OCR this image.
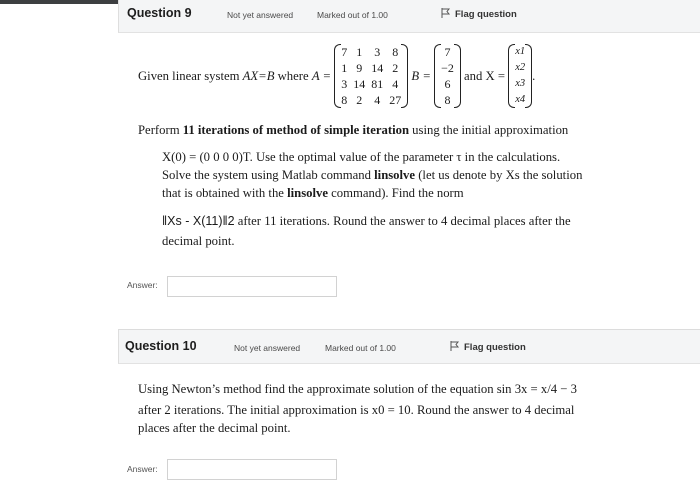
Question 9	Not yet answered	Marked out of 1.00	Flag question
Given linear system AX=B where A =
7	1	3	8
1	9	14	2
3	14	81	4
8	2	4	27
B =
7
−2
6
8
and X =
x1
x2
x3
x4
.
Perform 11 iterations of method of simple iteration using the initial approximation
X(0) = (0 0 0 0)T. Use the optimal value of the parameter τ in the calculations.
Solve the system using Matlab command linsolve (let us denote by Xs the solution
that is obtained with the linsolve command). Find the norm
‖Xs - X(11)‖2 after 11 iterations. Round the answer to 4 decimal places after the
decimal point.
Answer:
Question 10	Not yet answered	Marked out of 1.00	Flag question
Using Newton’s method find the approximate solution of the equation sin 3x = x/4 − 3
after 2 iterations. The initial approximation is x0 = 10. Round the answer to 4 decimal
places after the decimal point.
Answer:
